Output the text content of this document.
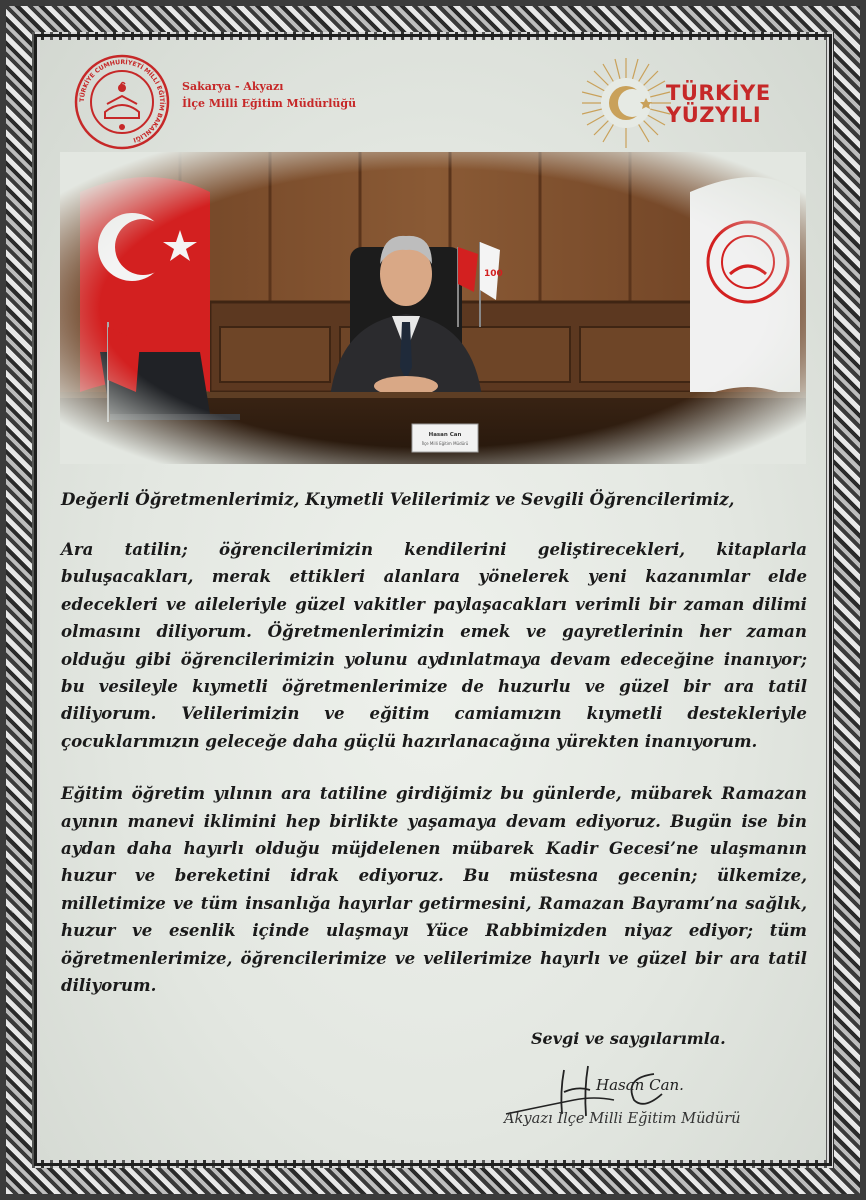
TÜRKİYE CUMHURİYETİ MİLLİ EĞİTİM BAKANLIĞI
Sakarya - Akyazı
İlçe Milli Eğitim Müdürlüğü	TÜRKİYE
YÜZYILI

Değerli Öğretmenlerimiz, Kıymetli Velilerimiz ve Sevgili Öğrencilerimiz,

Ara tatilin; öğrencilerimizin kendilerini geliştirecekleri, kitaplarla buluşacakları, merak ettikleri alanlara yönelerek yeni kazanımlar elde edecekleri ve aileleriyle güzel vakitler paylaşacakları verimli bir zaman dilimi olmasını diliyorum. Öğretmenlerimizin emek ve gayretlerinin her zaman olduğu gibi öğrencilerimizin yolunu aydınlatmaya devam edeceğine inanıyor; bu vesileyle kıymetli öğretmenlerimize de huzurlu ve güzel bir ara tatil diliyorum. Velilerimizin ve eğitim camiamızın kıymetli destekleriyle çocuklarımızın geleceğe daha güçlü hazırlanacağına yürekten inanıyorum.

Eğitim öğretim yılının ara tatiline girdiğimiz bu günlerde, mübarek Ramazan ayının manevi iklimini hep birlikte yaşamaya devam ediyoruz. Bugün ise bin aydan daha hayırlı olduğu müjdelenen mübarek Kadir Gecesi’ne ulaşmanın huzur ve bereketini idrak ediyoruz. Bu müstesna gecenin; ülkemize, milletimize ve tüm insanlığa hayırlar getirmesini, Ramazan Bayramı’na sağlık, huzur ve esenlik içinde ulaşmayı Yüce Rabbimizden niyaz ediyor; tüm öğretmenlerimize, öğrencilerimize ve velilerimize hayırlı ve güzel bir ara tatil diliyorum.

Sevgi ve saygılarımla.
Hasan Can.
Akyazı İlçe Milli Eğitim Müdürü
